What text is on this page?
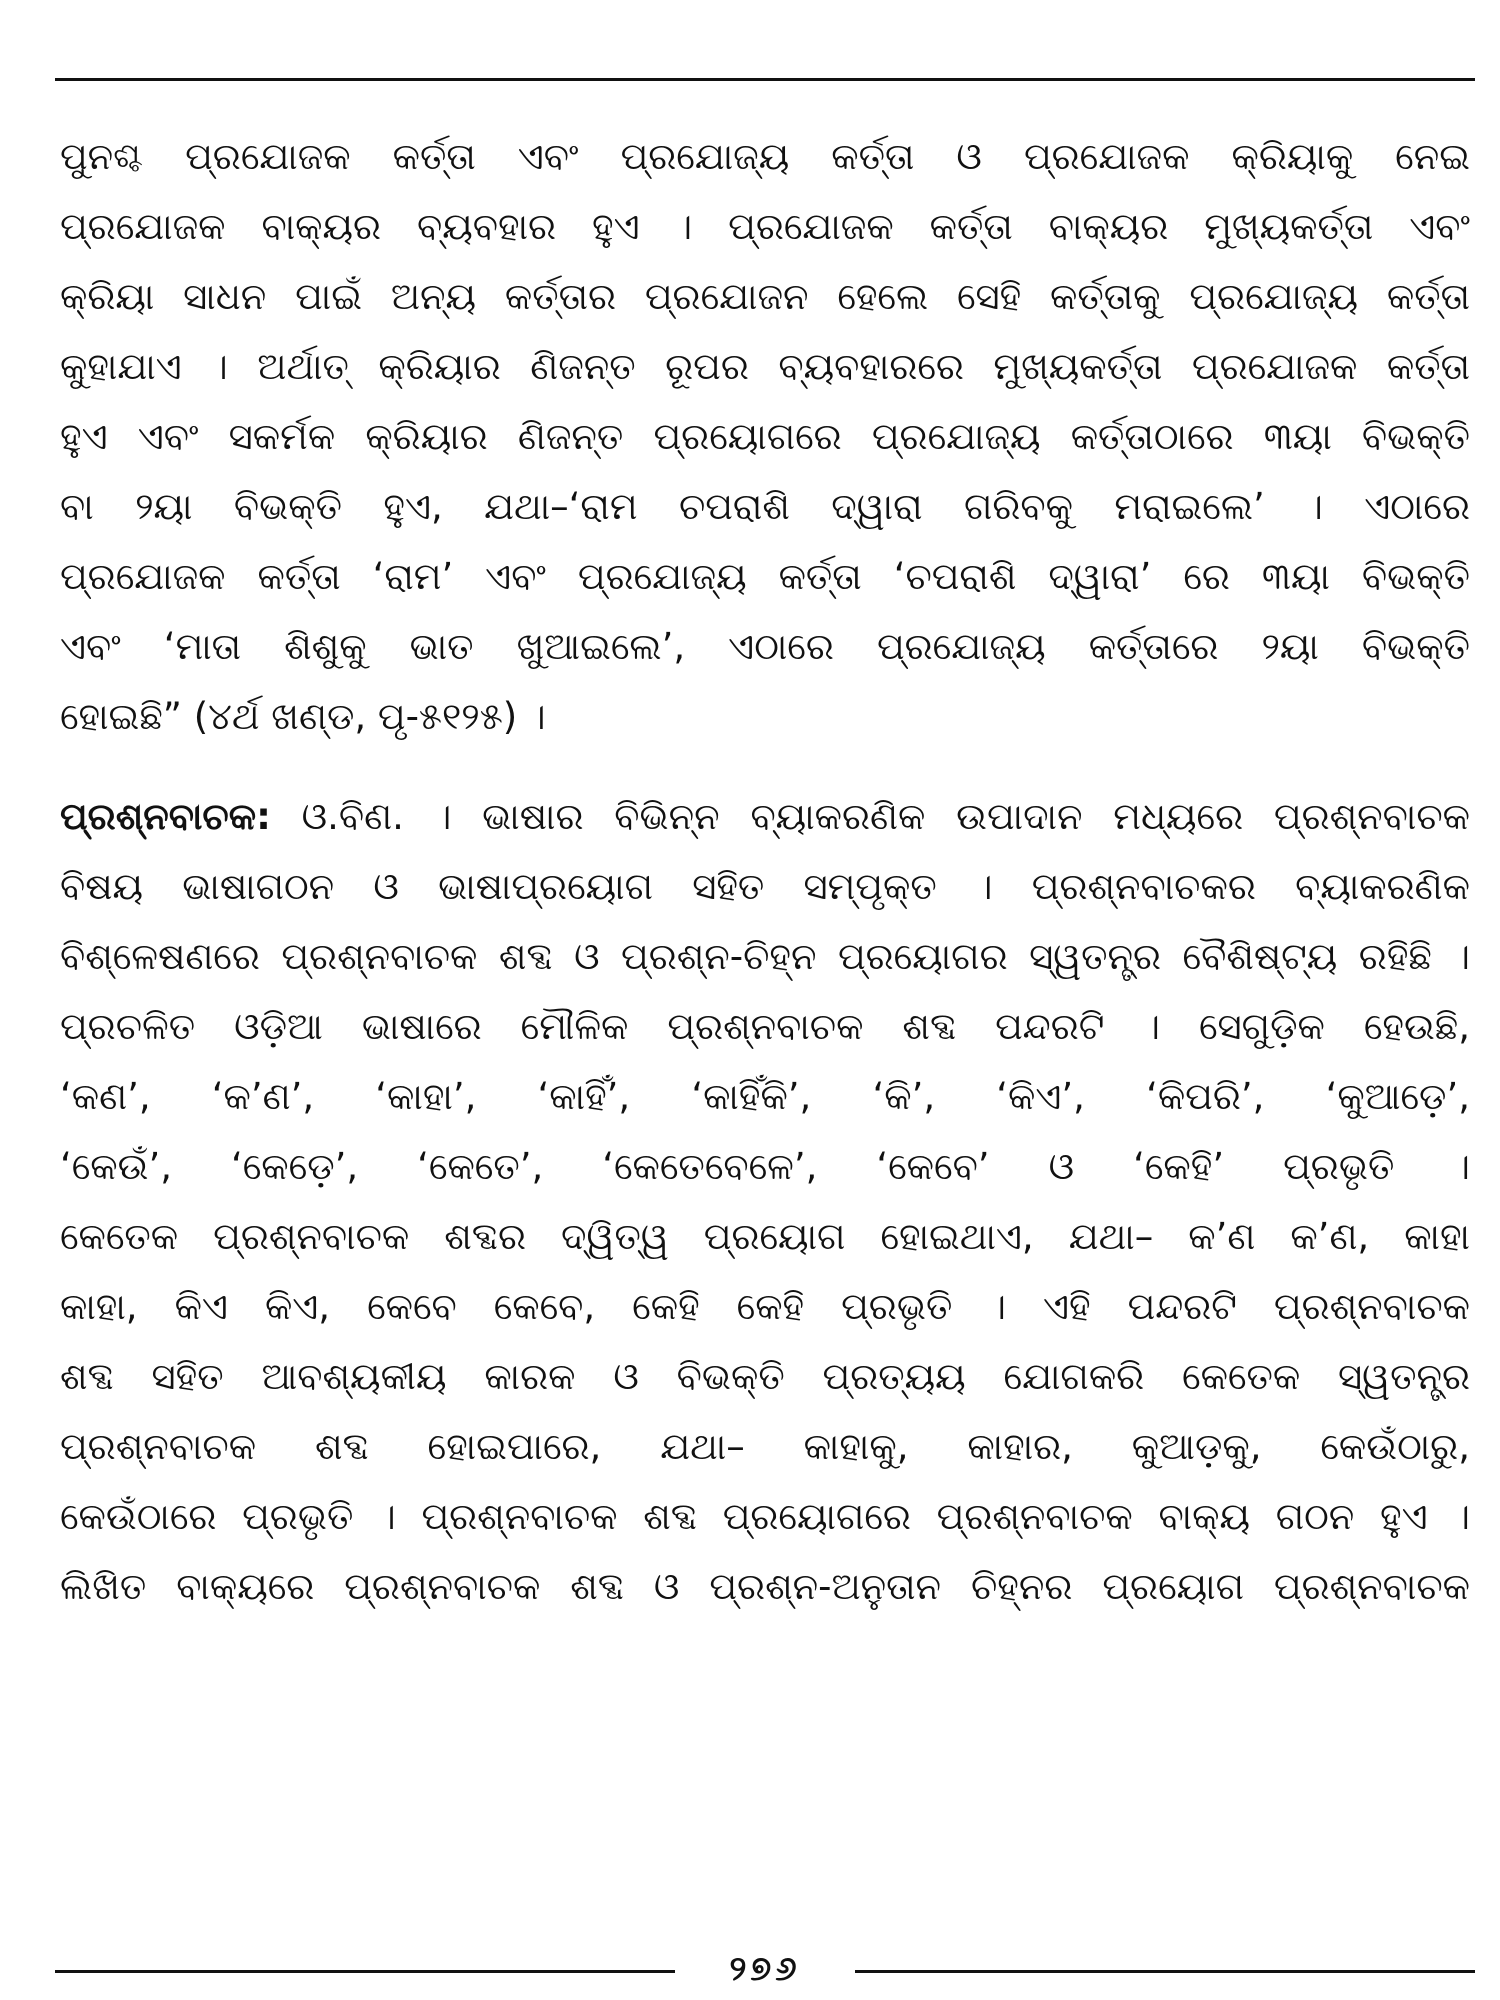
ପୁନଶ୍ଚ ପ୍ରଯୋଜକ କର୍ତ୍ତା ଏବଂ ପ୍ରଯୋଜ୍ୟ କର୍ତ୍ତା ଓ ପ୍ରଯୋଜକ କ୍ରିୟାକୁ ନେଇ
ପ୍ରଯୋଜକ ବାକ୍ୟର ବ୍ୟବହାର ହୁଏ । ପ୍ରଯୋଜକ କର୍ତ୍ତା ବାକ୍ୟର ମୁଖ୍ୟକର୍ତ୍ତା ଏବଂ
କ୍ରିୟା ସାଧନ ପାଇଁ ଅନ୍ୟ କର୍ତ୍ତାର ପ୍ରଯୋଜନ ହେଲେ ସେହି କର୍ତ୍ତାକୁ ପ୍ରଯୋଜ୍ୟ କର୍ତ୍ତା
କୁହାଯାଏ । ଅର୍ଥାତ୍ କ୍ରିୟାର ଣିଜନ୍ତ ରୂପର ବ୍ୟବହାରରେ ମୁଖ୍ୟକର୍ତ୍ତା ପ୍ରଯୋଜକ କର୍ତ୍ତା
ହୁଏ ଏବଂ ସକର୍ମକ କ୍ରିୟାର ଣିଜନ୍ତ ପ୍ରୟୋଗରେ ପ୍ରଯୋଜ୍ୟ କର୍ତ୍ତାଠାରେ ୩ୟା ବିଭକ୍ତି
ବା ୨ୟା ବିଭକ୍ତି ହୁଏ, ଯଥା–‘ରାମ ଚପରାଶି ଦ୍ୱାରା ଗରିବକୁ ମରାଇଲେ’ । ଏଠାରେ
ପ୍ରଯୋଜକ କର୍ତ୍ତା ‘ରାମ’ ଏବଂ ପ୍ରଯୋଜ୍ୟ କର୍ତ୍ତା ‘ଚପରାଶି ଦ୍ୱାରା’ ରେ ୩ୟା ବିଭକ୍ତି
ଏବଂ ‘ମାତା ଶିଶୁକୁ ଭାତ ଖୁଆଇଲେ’, ଏଠାରେ ପ୍ରଯୋଜ୍ୟ କର୍ତ୍ତାରେ ୨ୟା ବିଭକ୍ତି
ହୋଇଛି” (୪ର୍ଥ ଖଣ୍ଡ, ପୃ-୫୧୨୫) ।
ପ୍ରଶ୍ନବାଚକ: ଓ.ବିଣ. । ଭାଷାର ବିଭିନ୍ନ ବ୍ୟାକରଣିକ ଉପାଦାନ ମଧ୍ୟରେ ପ୍ରଶ୍ନବାଚକ
ବିଷୟ ଭାଷାଗଠନ ଓ ଭାଷାପ୍ରୟୋଗ ସହିତ ସମ୍ପୃକ୍ତ । ପ୍ରଶ୍ନବାଚକର ବ୍ୟାକରଣିକ
ବିଶ୍ଳେଷଣରେ ପ୍ରଶ୍ନବାଚକ ଶବ୍ଦ ଓ ପ୍ରଶ୍ନ-ଚିହ୍ନ ପ୍ରୟୋଗର ସ୍ୱତନ୍ତ୍ର ବୈଶିଷ୍ଟ୍ୟ ରହିଛି ।
ପ୍ରଚଳିତ ଓଡ଼ିଆ ଭାଷାରେ ମୌଳିକ ପ୍ରଶ୍ନବାଚକ ଶବ୍ଦ ପନ୍ଦରଟି । ସେଗୁଡ଼ିକ ହେଉଛି,
‘କଣ’, ‘କ’ଣ’, ‘କାହା’, ‘କାହିଁ’, ‘କାହିଁକି’, ‘କି’, ‘କିଏ’, ‘କିପରି’, ‘କୁଆଡ଼େ’,
‘କେଉଁ’, ‘କେଡ଼େ’, ‘କେତେ’, ‘କେତେବେଳେ’, ‘କେବେ’ ଓ ‘କେହି’ ପ୍ରଭୃତି ।
କେତେକ ପ୍ରଶ୍ନବାଚକ ଶବ୍ଦର ଦ୍ୱିତ୍ୱ ପ୍ରୟୋଗ ହୋଇଥାଏ, ଯଥା– କ’ଣ କ’ଣ, କାହା
କାହା, କିଏ କିଏ, କେବେ କେବେ, କେହି କେହି ପ୍ରଭୃତି । ଏହି ପନ୍ଦରଟି ପ୍ରଶ୍ନବାଚକ
ଶବ୍ଦ ସହିତ ଆବଶ୍ୟକୀୟ କାରକ ଓ ବିଭକ୍ତି ପ୍ରତ୍ୟୟ ଯୋଗକରି କେତେକ ସ୍ୱତନ୍ତ୍ର
ପ୍ରଶ୍ନବାଚକ ଶବ୍ଦ ହୋଇପାରେ, ଯଥା– କାହାକୁ, କାହାର, କୁଆଡ଼କୁ, କେଉଁଠାରୁ,
କେଉଁଠାରେ ପ୍ରଭୃତି । ପ୍ରଶ୍ନବାଚକ ଶବ୍ଦ ପ୍ରୟୋଗରେ ପ୍ରଶ୍ନବାଚକ ବାକ୍ୟ ଗଠନ ହୁଏ ।
ଲିଖିତ ବାକ୍ୟରେ ପ୍ରଶ୍ନବାଚକ ଶବ୍ଦ ଓ ପ୍ରଶ୍ନ-ଅନୁତାନ ଚିହ୍ନର ପ୍ରୟୋଗ ପ୍ରଶ୍ନବାଚକ
୨୭୬
